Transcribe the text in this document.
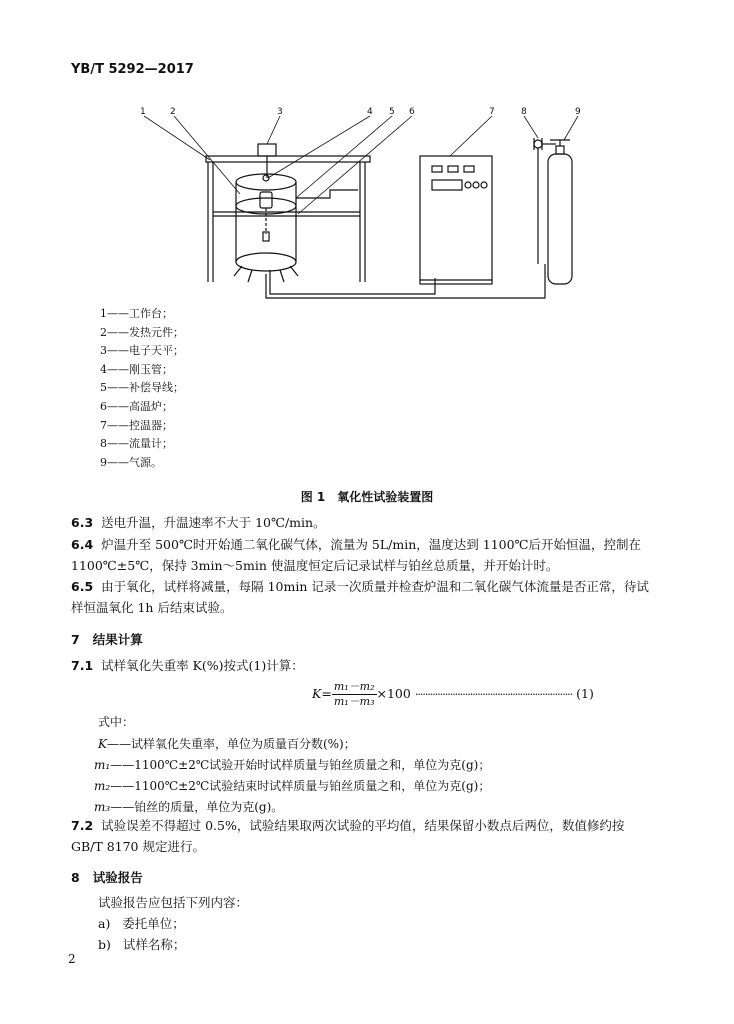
YB/T 5292—2017
1	2	3	4 5 6	7	8	9
1——工作台；
2——发热元件；
3——电子天平；
4——刚玉管；
5——补偿导线；
6——高温炉；
7——控温器；
8——流量计；
9——气源。
图 1　氧化性试验装置图
6.3 送电升温，升温速率不大于 10℃/min。
6.4 炉温升至 500℃时开始通二氧化碳气体，流量为 5L/min，温度达到 1100℃后开始恒温，控制在
1100℃±5℃，保持 3min～5min 使温度恒定后记录试样与铂丝总质量，并开始计时。
6.5 由于氧化，试样将减量，每隔 10min 记录一次质量并检查炉温和二氧化碳气体流量是否正常，待试
样恒温氧化 1h 后结束试验。
7 结果计算
7.1 试样氧化失重率 K(%)按式(1)计算：
$K= \frac{\text{m₁－m₂}}{\text{m₁－m₃}} \times 100$ ······························································· (1)
式中：
K——试样氧化失重率，单位为质量百分数(%)；
m₁——1100℃±2℃试验开始时试样质量与铂丝质量之和，单位为克(g)；
m₂——1100℃±2℃试验结束时试样质量与铂丝质量之和，单位为克(g)；
m₃——铂丝的质量，单位为克(g)。
7.2 试验误差不得超过 0.5%，试验结果取两次试验的平均值，结果保留小数点后两位，数值修约按
GB/T 8170 规定进行。
8 试验报告
试验报告应包括下列内容：
a) 委托单位；
b) 试样名称；
2
